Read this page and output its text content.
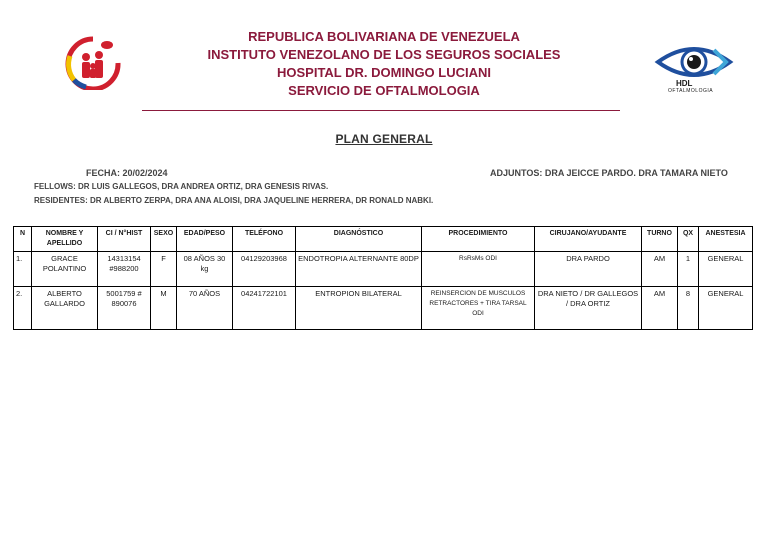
HDL
OFTALMOLOGIA
REPUBLICA BOLIVARIANA DE VENEZUELA
INSTITUTO VENEZOLANO DE LOS SEGUROS SOCIALES
HOSPITAL DR. DOMINGO LUCIANI
SERVICIO DE OFTALMOLOGIA
PLAN GENERAL
FECHA: 20/02/2024	ADJUNTOS: DRA JEICCE PARDO. DRA TAMARA NIETO
FELLOWS: DR LUIS GALLEGOS, DRA ANDREA ORTIZ, DRA GENESIS RIVAS.
RESIDENTES: DR ALBERTO ZERPA, DRA ANA ALOISI, DRA JAQUELINE HERRERA, DR RONALD NABKI.
N	NOMBRE Y APELLIDO	CI / N°HIST	SEXO	EDAD/PESO	TELÉFONO	DIAGNÓSTICO	PROCEDIMIENTO	CIRUJANO/AYUDANTE	TURNO	QX	ANESTESIA
1.	GRACE POLANTINO	14313154 #988200	F	08 AÑOS 30 kg	04129203968	ENDOTROPIA ALTERNANTE 80DP	RsRsMs ODI	DRA PARDO	AM	1	GENERAL
2.	ALBERTO GALLARDO	5001759 # 890076	M	70 AÑOS	04241722101	ENTROPION BILATERAL	REINSERCION DE MUSCULOS RETRACTORES + TIRA TARSAL ODI	DRA NIETO / DR GALLEGOS / DRA ORTIZ	AM	8	GENERAL
